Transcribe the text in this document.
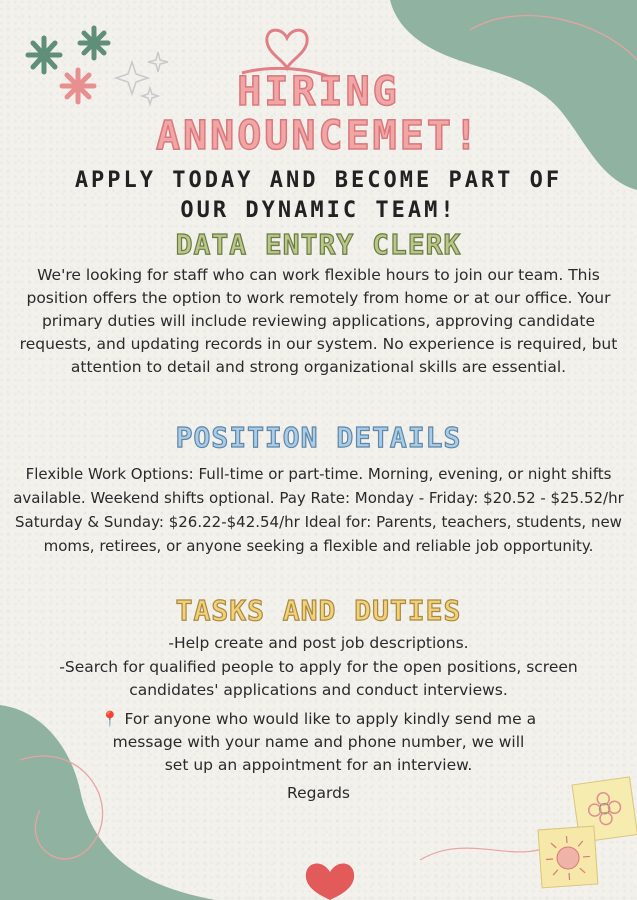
HIRING
ANNOUNCEMET!
APPLY TODAY AND BECOME PART OF
OUR DYNAMIC TEAM!
DATA ENTRY CLERK
We're looking for staff who can work flexible hours to join our team. This position offers the option to work remotely from home or at our office. Your primary duties will include reviewing applications, approving candidate requests, and updating records in our system. No experience is required, but attention to detail and strong organizational skills are essential.
POSITION DETAILS
Flexible Work Options: Full-time or part-time. Morning, evening, or night shifts available. Weekend shifts optional. Pay Rate: Monday - Friday: $20.52 - $25.52/hr Saturday & Sunday: $26.22-$42.54/hr Ideal for: Parents, teachers, students, new moms, retirees, or anyone seeking a flexible and reliable job opportunity.
TASKS AND DUTIES
-Help create and post job descriptions.
-Search for qualified people to apply for the open positions, screen candidates' applications and conduct interviews.
📍 For anyone who would like to apply kindly send me a message with your name and phone number, we will set up an appointment for an interview.
Regards
